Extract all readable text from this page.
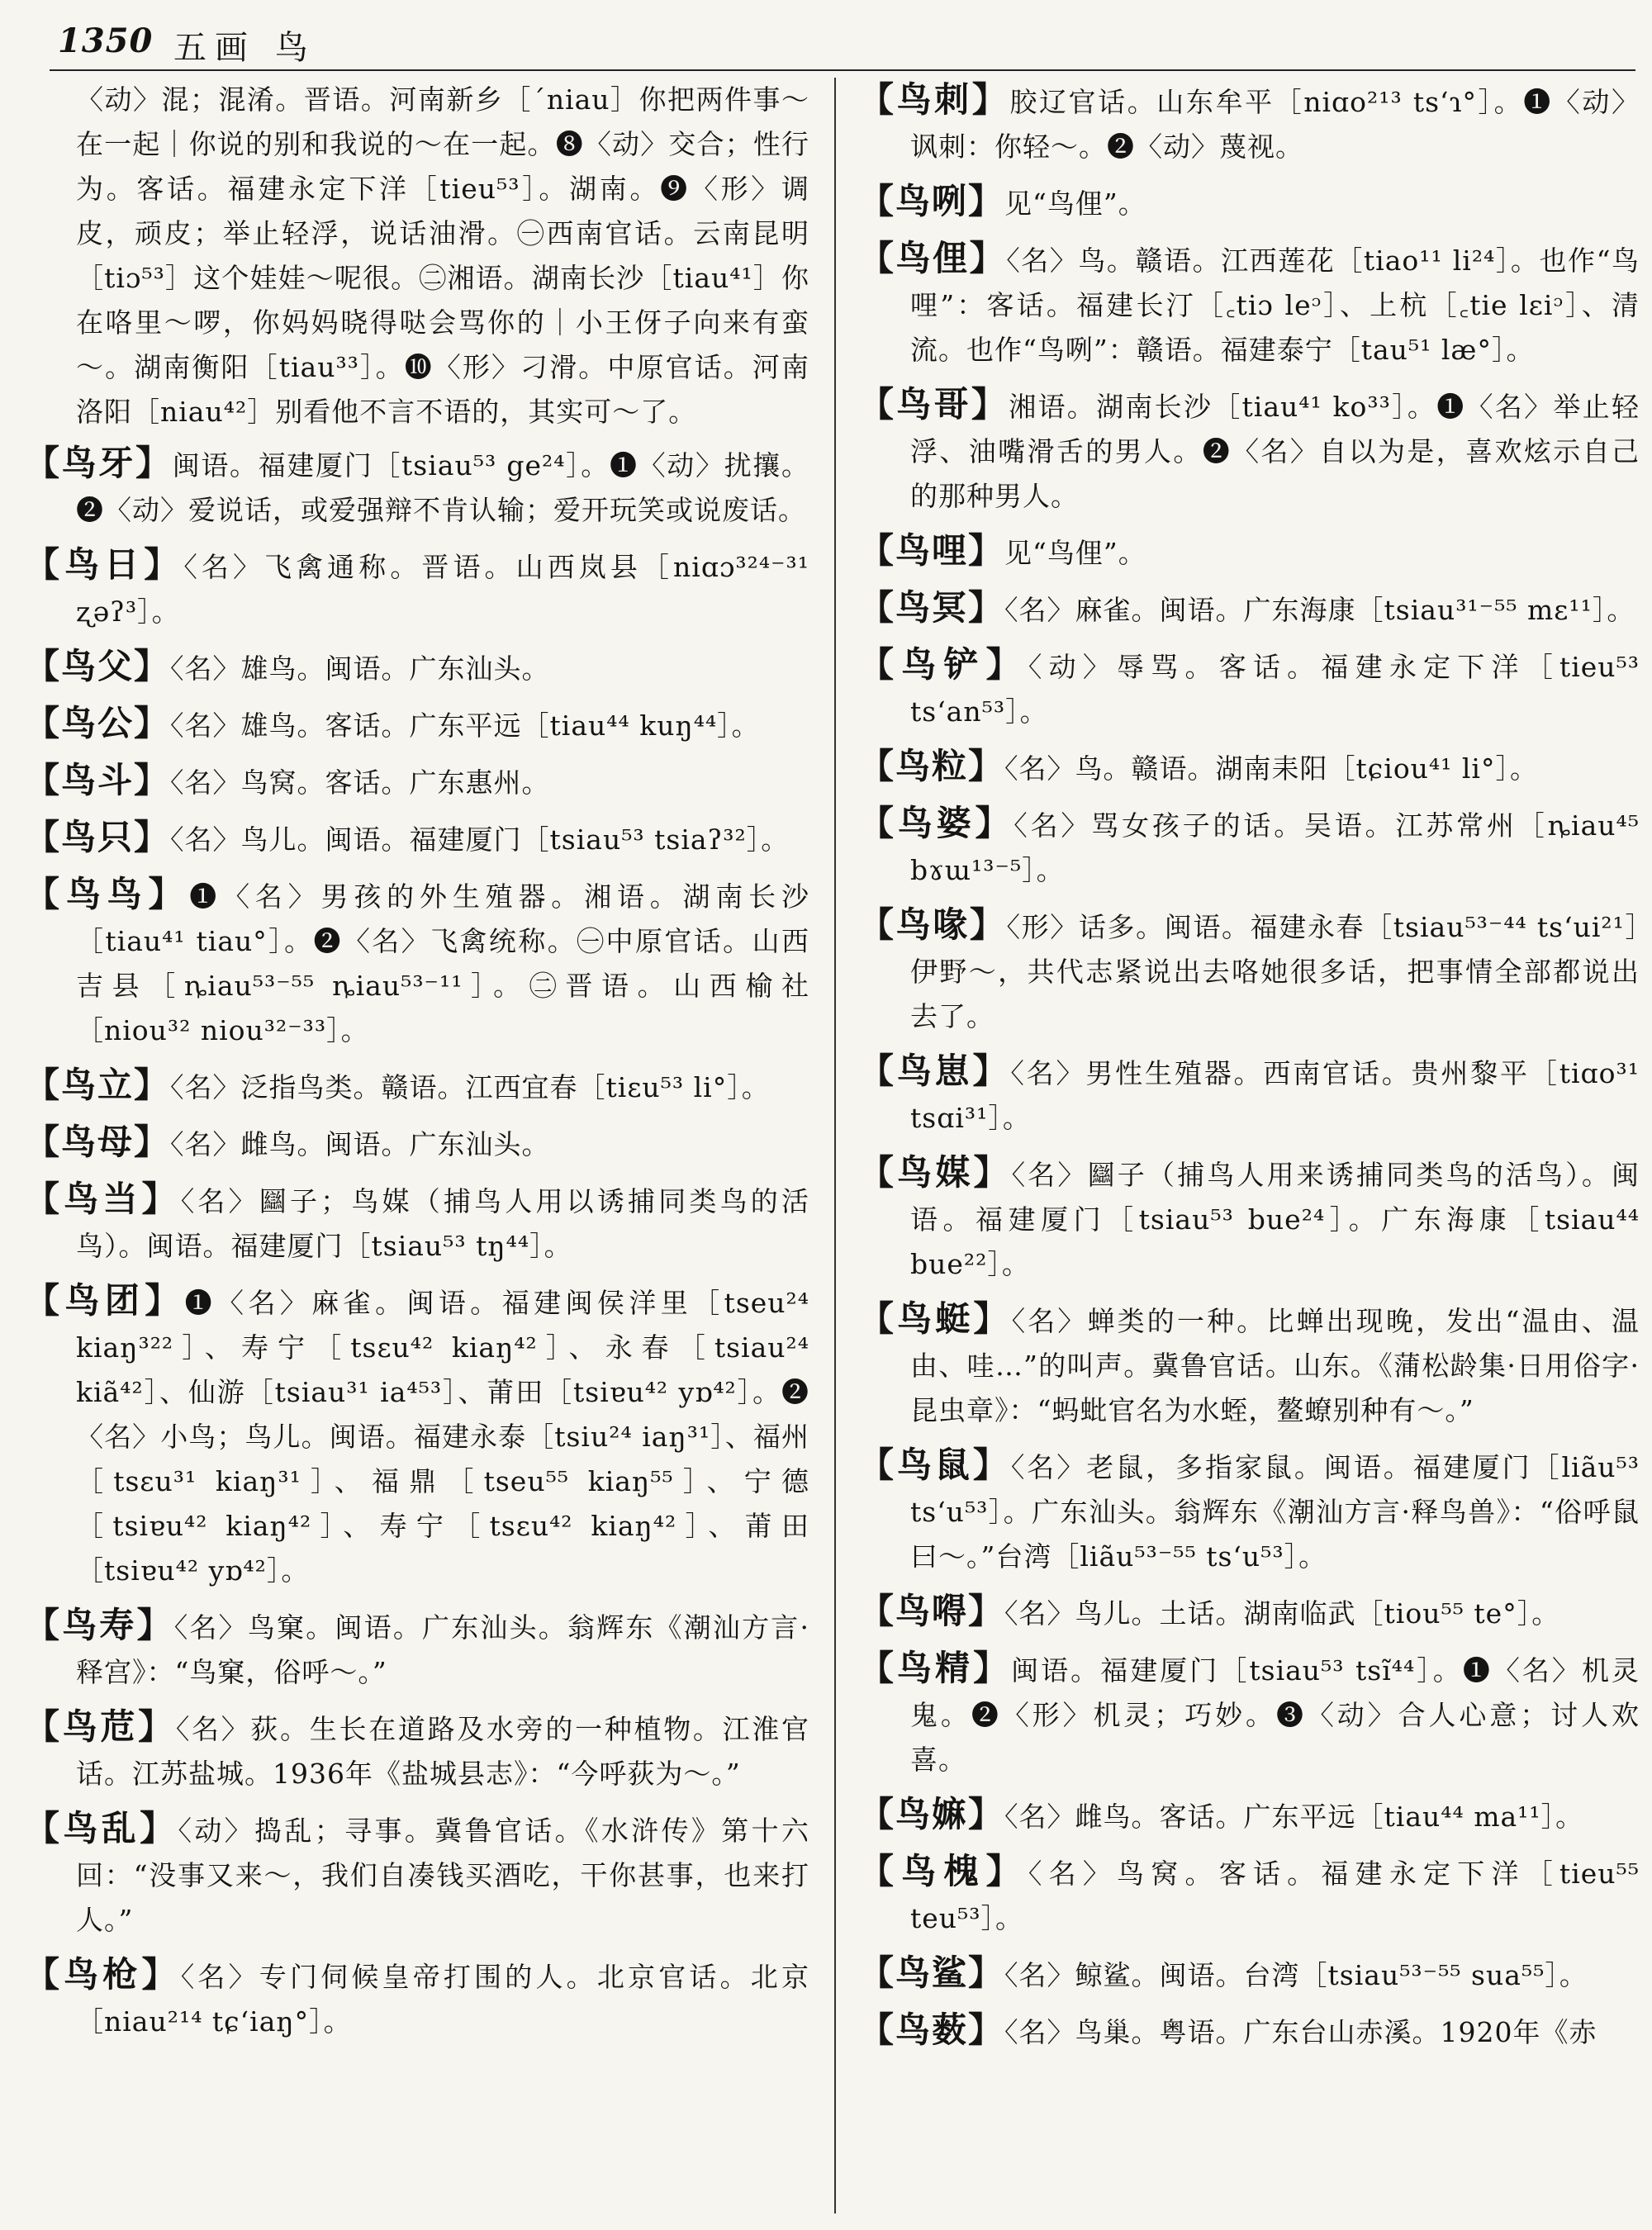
1350 五画 鸟

〈动〉混；混淆。晋语。河南新乡［ˊniau］你把两件事～在一起｜你说的别和我说的～在一起。❽〈动〉交合；性行为。客话。福建永定下洋［tieu⁵³］。湖南。❾〈形〉调皮，顽皮；举止轻浮，说话油滑。㊀西南官话。云南昆明［tiɔ⁵³］这个娃娃～呢很。㊁湘语。湖南长沙［tiau⁴¹］你在咯里～啰，你妈妈晓得哒会骂你的｜小王伢子向来有蛮～。湖南衡阳［tiau³³］。❿〈形〉刁滑。中原官话。河南洛阳［niau⁴²］别看他不言不语的，其实可～了。

【鸟牙】闽语。福建厦门［tsiau⁵³ ge²⁴］。❶〈动〉扰攘。❷〈动〉爱说话，或爱强辩不肯认输；爱开玩笑或说废话。

【鸟日】〈名〉飞禽通称。晋语。山西岚县［niɑɔ³²⁴⁻³¹ ʐəʔ³］。

【鸟父】〈名〉雄鸟。闽语。广东汕头。

【鸟公】〈名〉雄鸟。客话。广东平远［tiau⁴⁴ kuŋ⁴⁴］。

【鸟斗】〈名〉鸟窝。客话。广东惠州。

【鸟只】〈名〉鸟儿。闽语。福建厦门［tsiau⁵³ tsiaʔ³²］。

【鸟鸟】❶〈名〉男孩的外生殖器。湘语。湖南长沙［tiau⁴¹ tiau°］。❷〈名〉飞禽统称。㊀中原官话。山西吉县［ȵiau⁵³⁻⁵⁵ ȵiau⁵³⁻¹¹］。㊁晋语。山西榆社［niou³² niou³²⁻³³］。

【鸟立】〈名〉泛指鸟类。赣语。江西宜春［tiɛu⁵³ li°］。

【鸟母】〈名〉雌鸟。闽语。广东汕头。

【鸟当】〈名〉圝子；鸟媒（捕鸟人用以诱捕同类鸟的活鸟）。闽语。福建厦门［tsiau⁵³ tŋ⁴⁴］。

【鸟团】❶〈名〉麻雀。闽语。福建闽侯洋里［tseu²⁴ kiaŋ³²²］、寿宁［tsɛu⁴² kiaŋ⁴²］、永春［tsiau²⁴ kiã⁴²］、仙游［tsiau³¹ ia⁴⁵³］、莆田［tsiɐu⁴² yɒ⁴²］。❷〈名〉小鸟；鸟儿。闽语。福建永泰［tsiu²⁴ iaŋ³¹］、福州［tsɛu³¹ kiaŋ³¹］、福鼎［tseu⁵⁵ kiaŋ⁵⁵］、宁德［tsiɐu⁴² kiaŋ⁴²］、寿宁［tsɛu⁴² kiaŋ⁴²］、莆田［tsiɐu⁴² yɒ⁴²］。

【鸟寿】〈名〉鸟窠。闽语。广东汕头。翁辉东《潮汕方言·释宫》：“鸟窠，俗呼～。”

【鸟苊】〈名〉荻。生长在道路及水旁的一种植物。江淮官话。江苏盐城。1936年《盐城县志》：“今呼荻为～。”

【鸟乱】〈动〉捣乱；寻事。冀鲁官话。《水浒传》第十六回：“没事又来～，我们自凑钱买酒吃，干你甚事，也来打人。”

【鸟枪】〈名〉专门伺候皇帝打围的人。北京官话。北京［niau²¹⁴ tɕʻiaŋ°］。

【鸟刺】胶辽官话。山东牟平［niɑo²¹³ tsʻɿ°］。❶〈动〉讽刺：你轻～。❷〈动〉蔑视。

【鸟咧】见“鸟俚”。

【鸟俚】〈名〉鸟。赣语。江西莲花［tiao¹¹ li²⁴］。也作“鸟哩”：客话。福建长汀［꜀tiɔ leᵓ］、上杭［꜀tie lɛiᵓ］、清流。也作“鸟咧”：赣语。福建泰宁［tau⁵¹ læ°］。

【鸟哥】湘语。湖南长沙［tiau⁴¹ ko³³］。❶〈名〉举止轻浮、油嘴滑舌的男人。❷〈名〉自以为是，喜欢炫示自己的那种男人。

【鸟哩】见“鸟俚”。

【鸟冥】〈名〉麻雀。闽语。广东海康［tsiau³¹⁻⁵⁵ mɛ¹¹］。

【鸟铲】〈动〉辱骂。客话。福建永定下洋［tieu⁵³ tsʻan⁵³］。

【鸟粒】〈名〉鸟。赣语。湖南耒阳［tɕiou⁴¹ li°］。

【鸟婆】〈名〉骂女孩子的话。吴语。江苏常州［ȵiau⁴⁵ bɤɯ¹³⁻⁵］。

【鸟喙】〈形〉话多。闽语。福建永春［tsiau⁵³⁻⁴⁴ tsʻui²¹］伊野～，共代志紧说出去咯她很多话，把事情全部都说出去了。

【鸟崽】〈名〉男性生殖器。西南官话。贵州黎平［tiɑo³¹ tsɑi³¹］。

【鸟媒】〈名〉圝子（捕鸟人用来诱捕同类鸟的活鸟）。闽语。福建厦门［tsiau⁵³ bue²⁴］。广东海康［tsiau⁴⁴ bue²²］。

【鸟蜓】〈名〉蝉类的一种。比蝉出现晚，发出“温由、温由、哇…”的叫声。冀鲁官话。山东。《蒲松龄集·日用俗字·昆虫章》：“蚂蚍官名为水蛭，鳌蟟别种有～。”

【鸟鼠】〈名〉老鼠，多指家鼠。闽语。福建厦门［liãu⁵³ tsʻu⁵³］。广东汕头。翁辉东《潮汕方言·释鸟兽》：“俗呼鼠曰～。”台湾［liãu⁵³⁻⁵⁵ tsʻu⁵³］。

【鸟嘚】〈名〉鸟儿。土话。湖南临武［tiou⁵⁵ te°］。

【鸟精】闽语。福建厦门［tsiau⁵³ tsĩ⁴⁴］。❶〈名〉机灵鬼。❷〈形〉机灵；巧妙。❸〈动〉合人心意；讨人欢喜。

【鸟嫲】〈名〉雌鸟。客话。广东平远［tiau⁴⁴ ma¹¹］。

【鸟槐】〈名〉鸟窝。客话。福建永定下洋［tieu⁵⁵ teu⁵³］。

【鸟鲨】〈名〉鲸鲨。闽语。台湾［tsiau⁵³⁻⁵⁵ sua⁵⁵］。

【鸟薮】〈名〉鸟巢。粤语。广东台山赤溪。1920年《赤
